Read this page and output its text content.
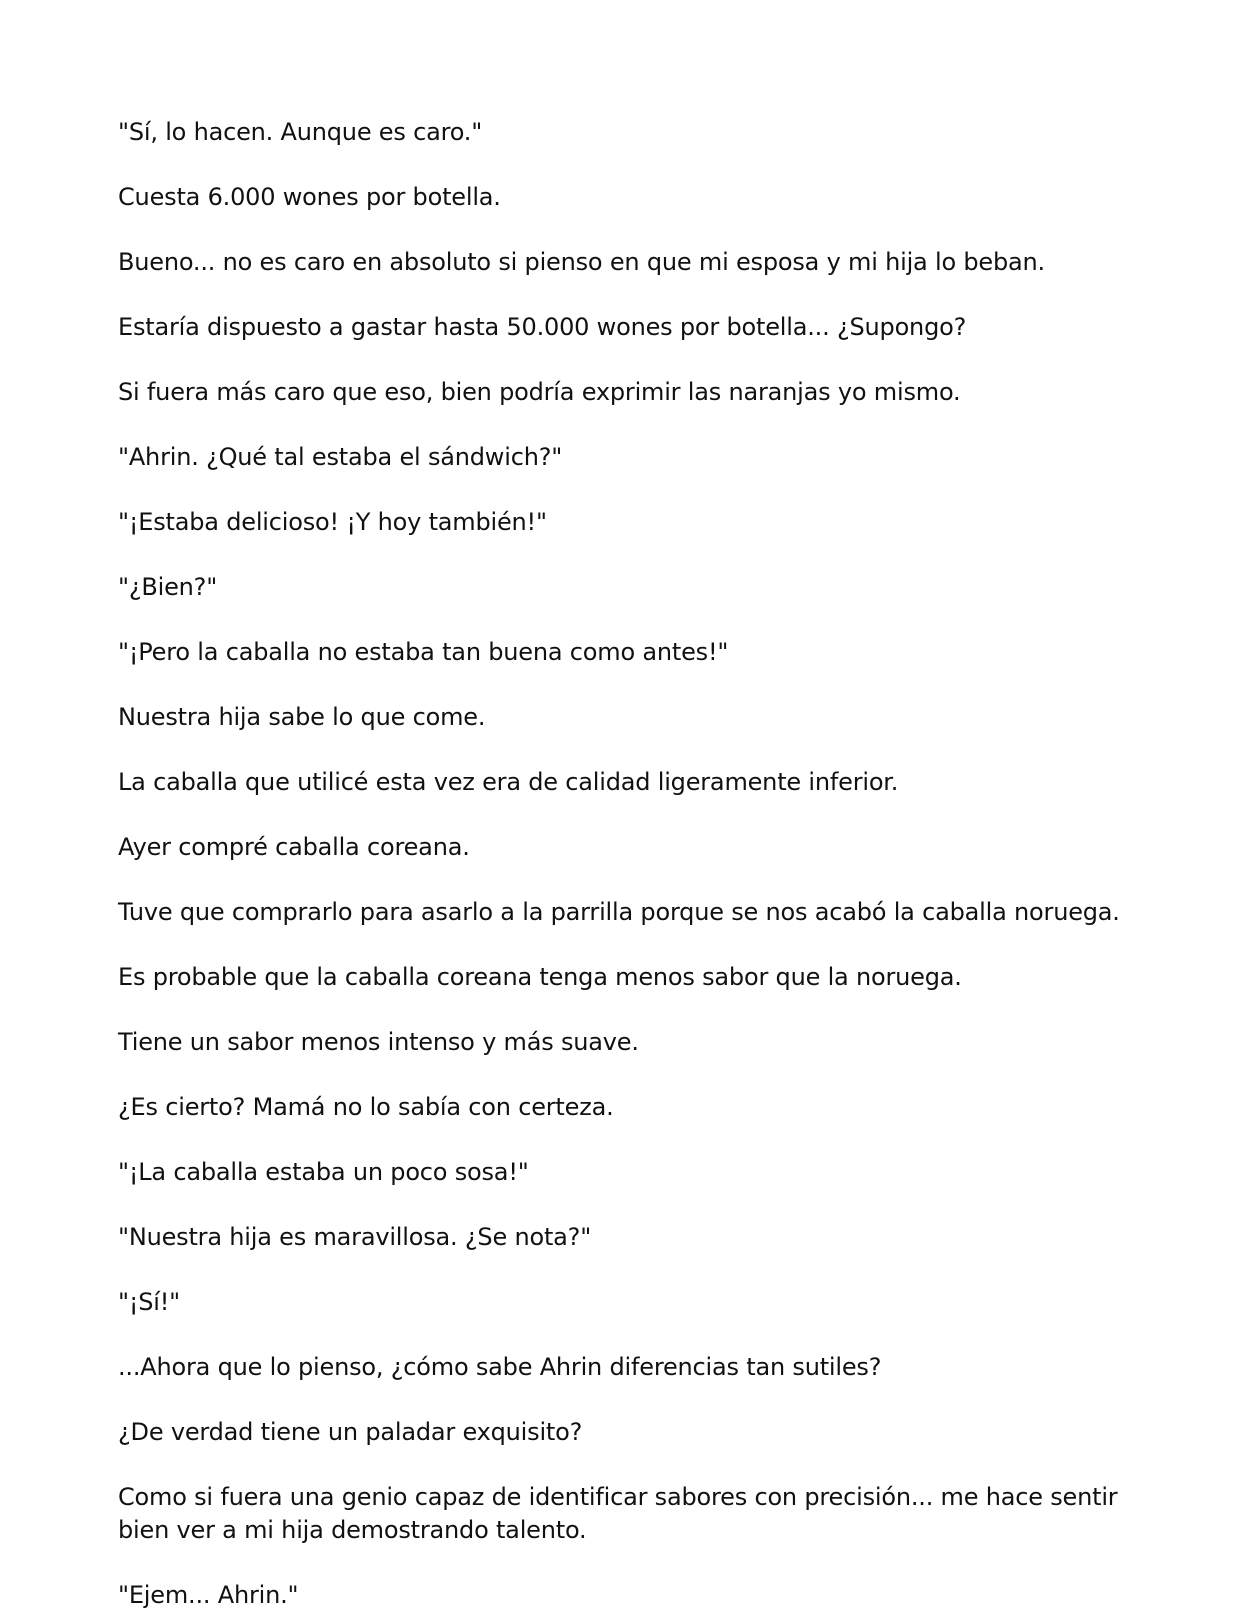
"Sí, lo hacen. Aunque es caro."

Cuesta 6.000 wones por botella.

Bueno... no es caro en absoluto si pienso en que mi esposa y mi hija lo beban.

Estaría dispuesto a gastar hasta 50.000 wones por botella... ¿Supongo?

Si fuera más caro que eso, bien podría exprimir las naranjas yo mismo.

"Ahrin. ¿Qué tal estaba el sándwich?"

"¡Estaba delicioso! ¡Y hoy también!"

"¿Bien?"

"¡Pero la caballa no estaba tan buena como antes!"

Nuestra hija sabe lo que come.

La caballa que utilicé esta vez era de calidad ligeramente inferior.

Ayer compré caballa coreana.

Tuve que comprarlo para asarlo a la parrilla porque se nos acabó la caballa noruega.

Es probable que la caballa coreana tenga menos sabor que la noruega.

Tiene un sabor menos intenso y más suave.

¿Es cierto? Mamá no lo sabía con certeza.

"¡La caballa estaba un poco sosa!"

"Nuestra hija es maravillosa. ¿Se nota?"

"¡Sí!"

...Ahora que lo pienso, ¿cómo sabe Ahrin diferencias tan sutiles?

¿De verdad tiene un paladar exquisito?

Como si fuera una genio capaz de identificar sabores con precisión... me hace sentir bien ver a mi hija demostrando talento.

"Ejem... Ahrin."
